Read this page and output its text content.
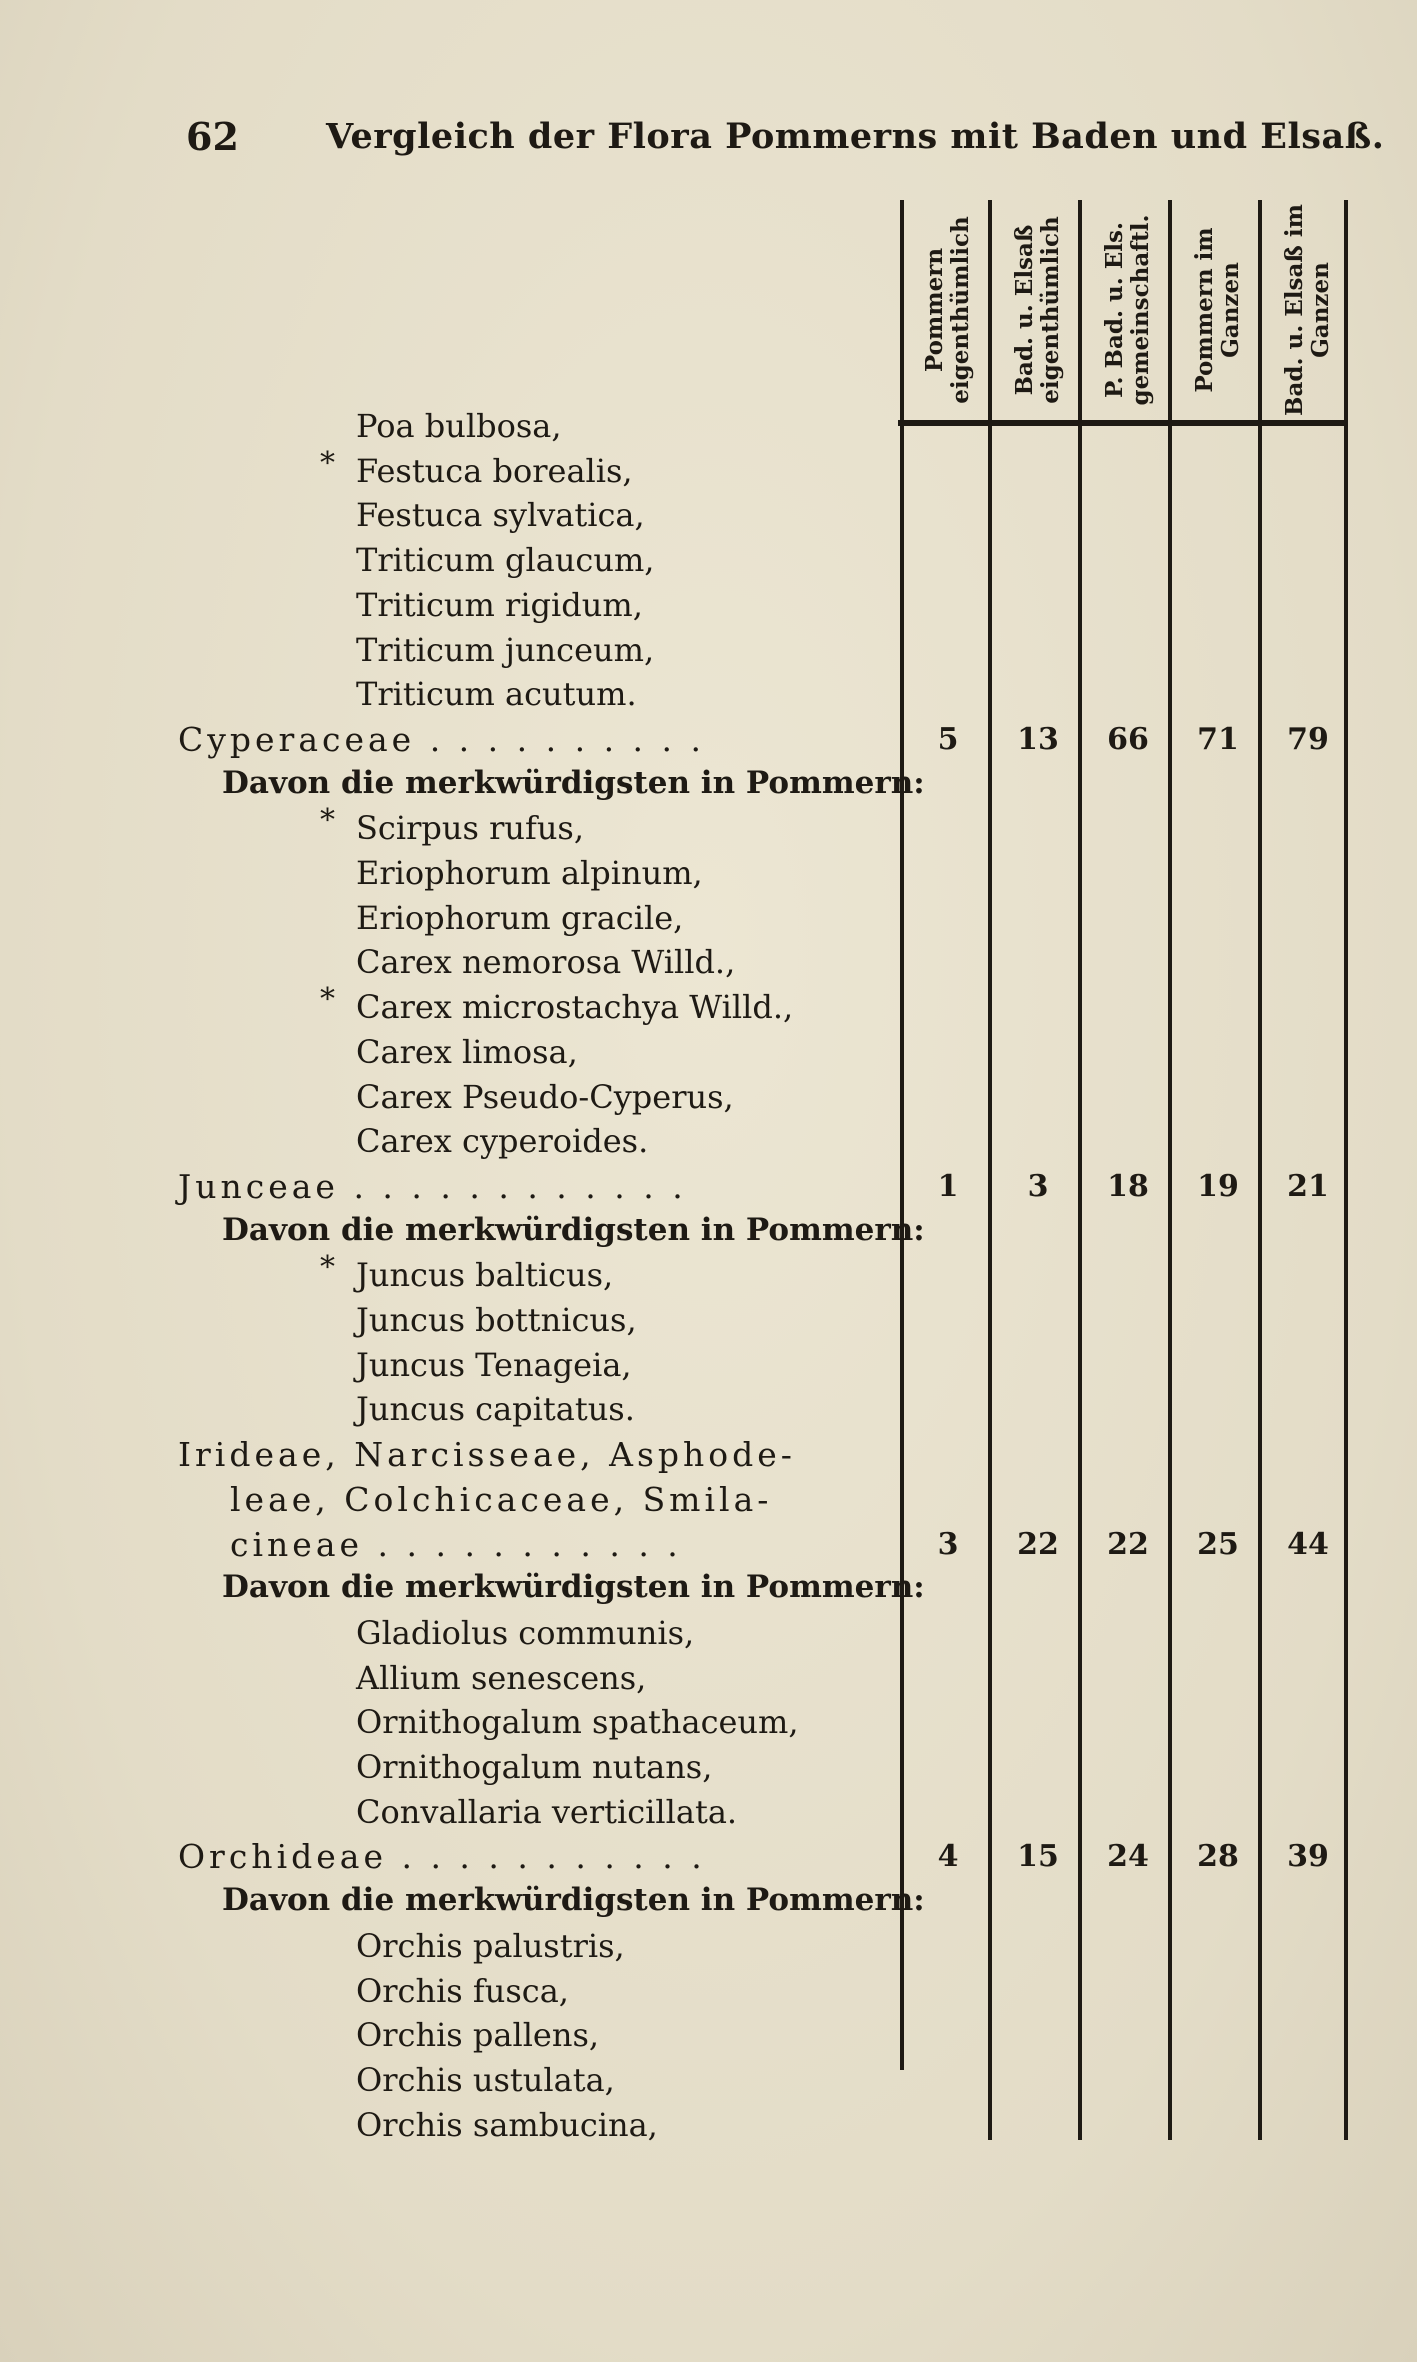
62 Vergleich der Flora Pommerns mit Baden und Elsaß.
Pommern eigenthümlich	Bad. u. Elsaß eigenthümlich	P. Bad. u. Els. gemeinschaftl.	Pommern im Ganzen	Bad. u. Elsaß im Ganzen
Poa bulbosa,
Festuca borealis,
*
Festuca sylvatica,
Triticum glaucum,
Triticum rigidum,
Triticum junceum,
Triticum acutum.
Cyperaceae . . . . . . . . . .	5	13	66	71	79
Davon die merkwürdigsten in Pommern:
Scirpus rufus,
*
Eriophorum alpinum,
Eriophorum gracile,
Carex nemorosa Willd.,
Carex microstachya Willd.,
*
Carex limosa,
Carex Pseudo-Cyperus,
Carex cyperoides.
Junceae . . . . . . . . . . . .	1	3	18	19	21
Davon die merkwürdigsten in Pommern:
Juncus balticus,
*
Juncus bottnicus,
Juncus Tenageia,
Juncus capitatus.
Irideae, Narcisseae, Asphode-
leae, Colchicaceae, Smila-
cineae . . . . . . . . . . .	3	22	22	25	44
Davon die merkwürdigsten in Pommern:
Gladiolus communis,
Allium senescens,
Ornithogalum spathaceum,
Ornithogalum nutans,
Convallaria verticillata.
Orchideae . . . . . . . . . . .	4	15	24	28	39
Davon die merkwürdigsten in Pommern:
Orchis palustris,
Orchis fusca,
Orchis pallens,
Orchis ustulata,
Orchis sambucina,
